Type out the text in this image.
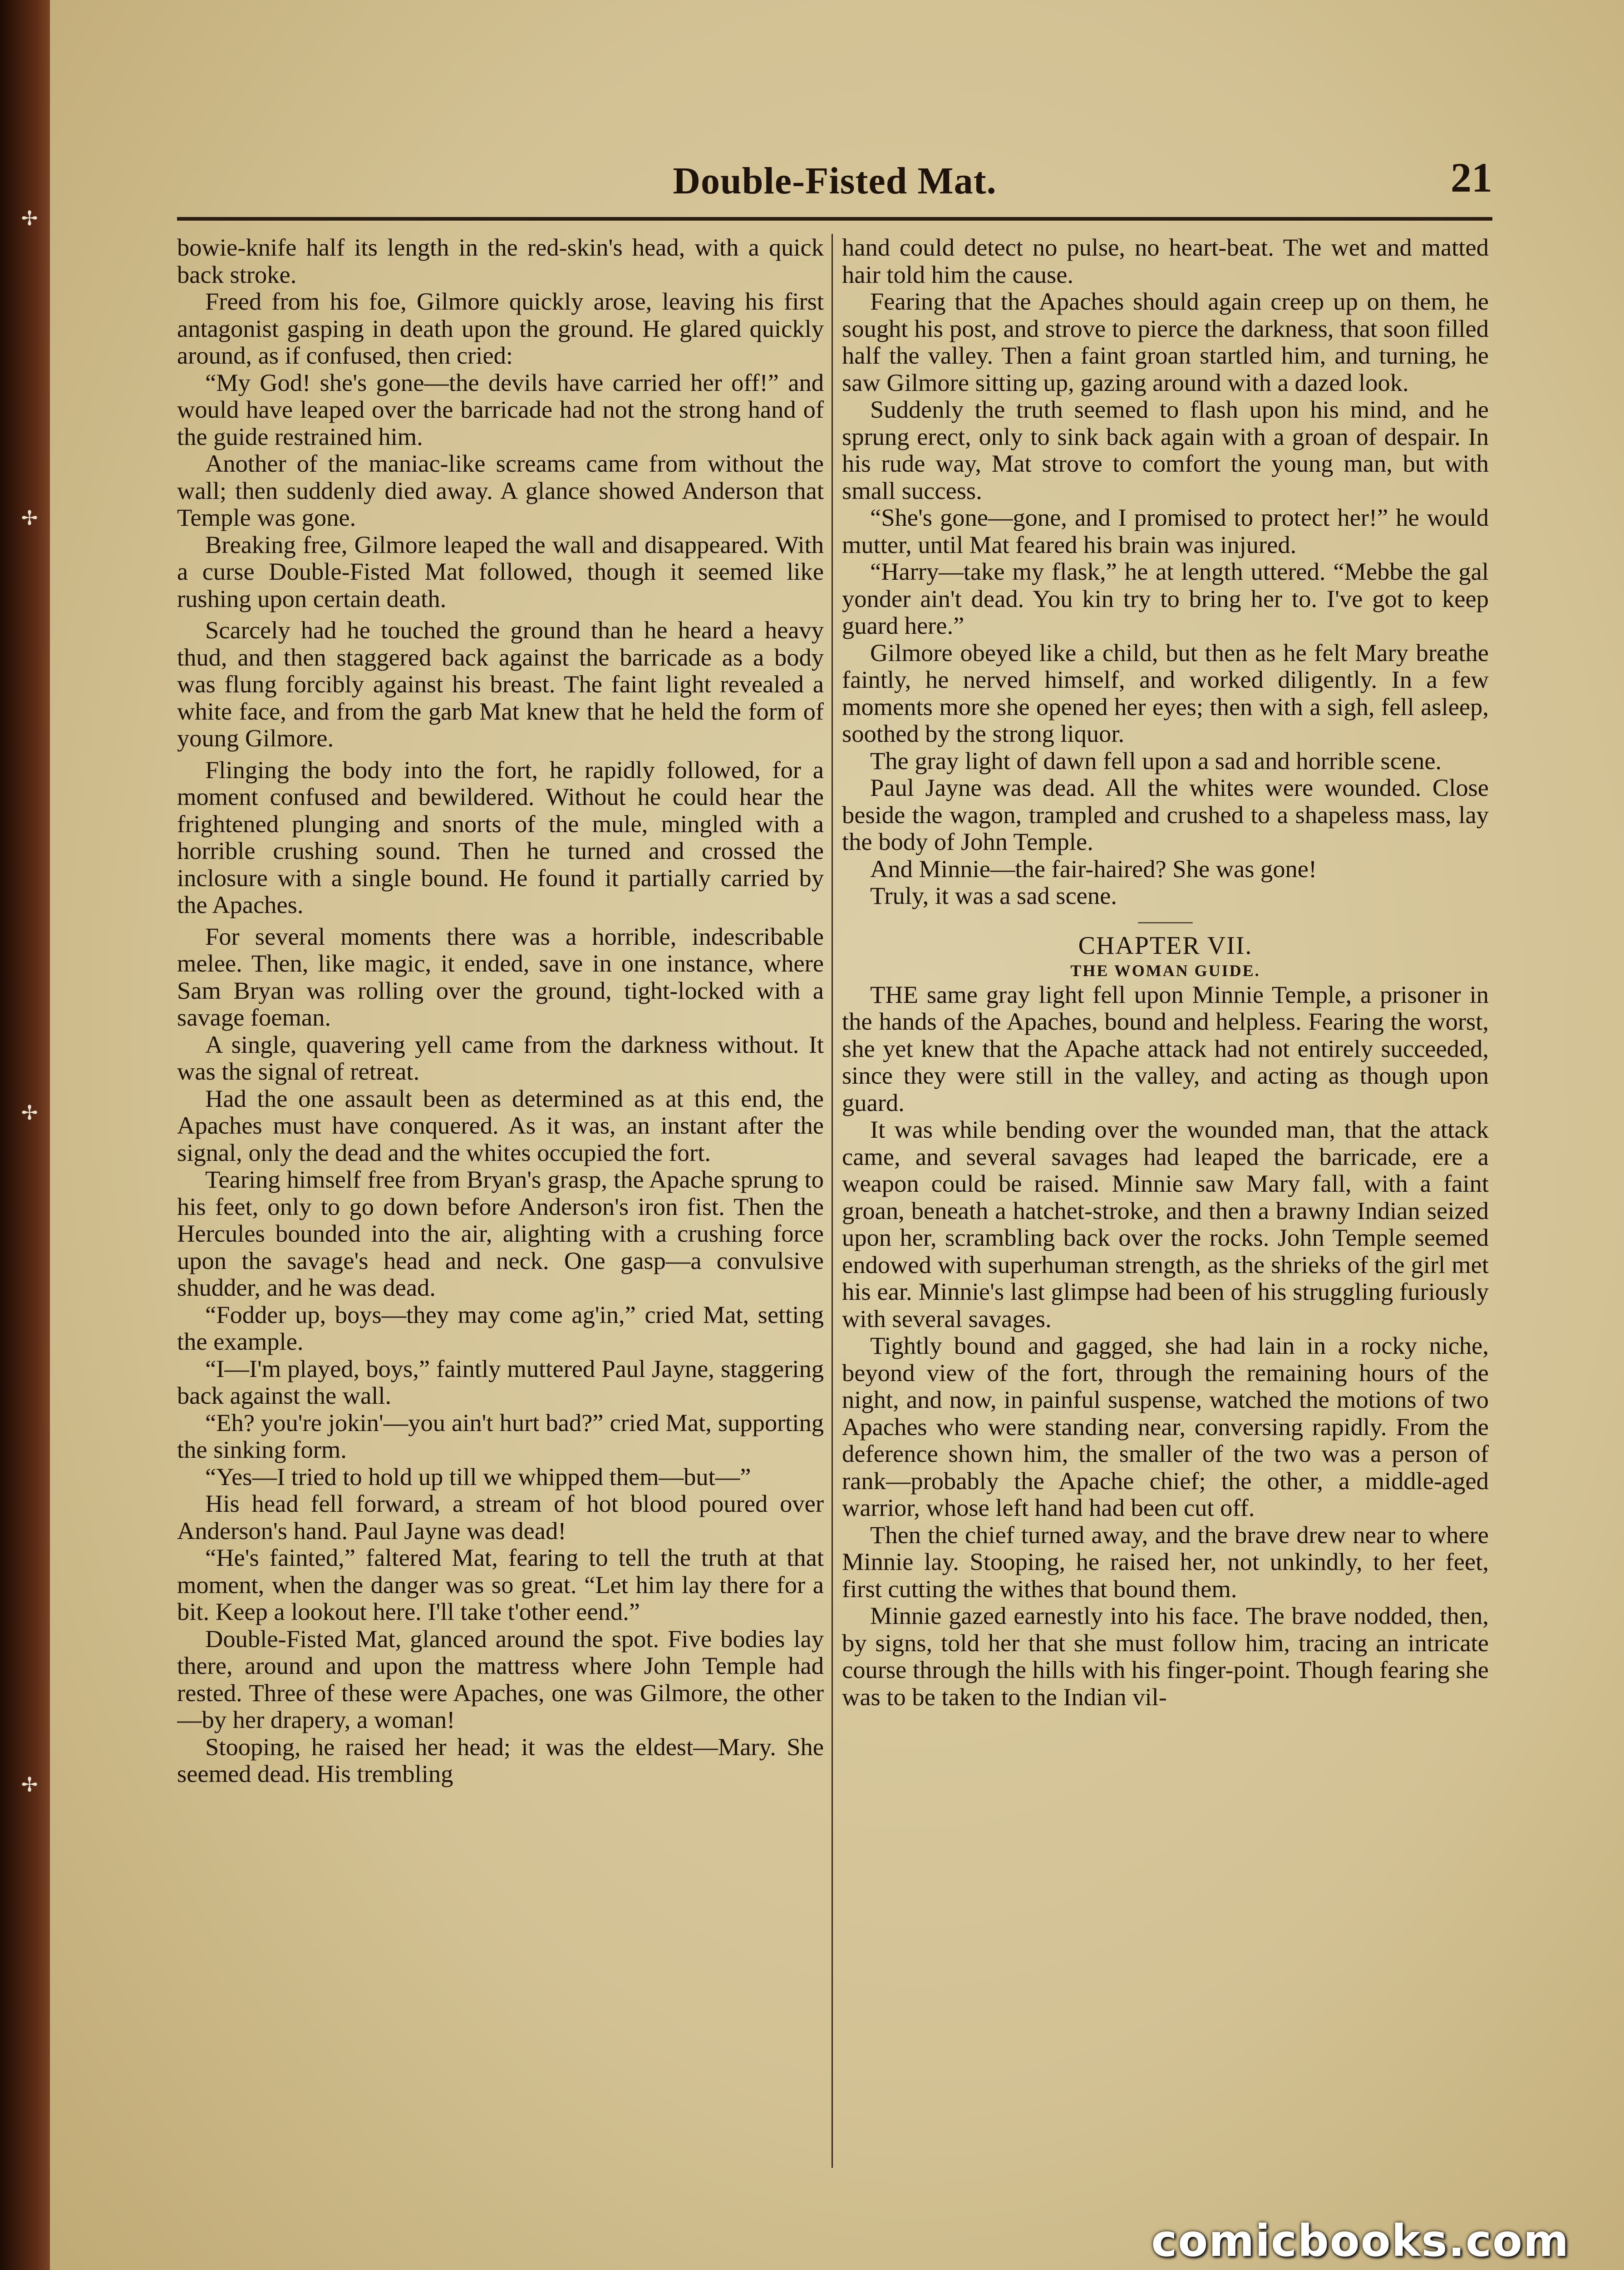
✢
✢
✢
✢
Double-Fisted Mat.	21

bowie-knife half its length in the red-skin's head, with a quick back stroke.

Freed from his foe, Gilmore quickly arose, leaving his first antagonist gasping in death upon the ground. He glared quickly around, as if confused, then cried:

“My God! she's gone—the devils have carried her off!” and would have leaped over the barricade had not the strong hand of the guide restrained him.

Another of the maniac-like screams came from without the wall; then suddenly died away. A glance showed Anderson that Temple was gone.

Breaking free, Gilmore leaped the wall and disappeared. With a curse Double-Fisted Mat followed, though it seemed like rushing upon certain death.

Scarcely had he touched the ground than he heard a heavy thud, and then staggered back against the barricade as a body was flung forcibly against his breast. The faint light revealed a white face, and from the garb Mat knew that he held the form of young Gilmore.

Flinging the body into the fort, he rapidly followed, for a moment confused and bewildered. Without he could hear the frightened plunging and snorts of the mule, mingled with a horrible crushing sound. Then he turned and crossed the inclosure with a single bound. He found it partially carried by the Apaches.

For several moments there was a horrible, indescribable melee. Then, like magic, it ended, save in one instance, where Sam Bryan was rolling over the ground, tight-locked with a savage foeman.

A single, quavering yell came from the darkness without. It was the signal of retreat.

Had the one assault been as determined as at this end, the Apaches must have conquered. As it was, an instant after the signal, only the dead and the whites occupied the fort.

Tearing himself free from Bryan's grasp, the Apache sprung to his feet, only to go down before Anderson's iron fist. Then the Hercules bounded into the air, alighting with a crushing force upon the savage's head and neck. One gasp—a convulsive shudder, and he was dead.

“Fodder up, boys—they may come ag'in,” cried Mat, setting the example.

“I—I'm played, boys,” faintly muttered Paul Jayne, staggering back against the wall.

“Eh? you're jokin'—you ain't hurt bad?” cried Mat, supporting the sinking form.

“Yes—I tried to hold up till we whipped them—but—”

His head fell forward, a stream of hot blood poured over Anderson's hand. Paul Jayne was dead!

“He's fainted,” faltered Mat, fearing to tell the truth at that moment, when the danger was so great. “Let him lay there for a bit. Keep a lookout here. I'll take t'other eend.”

Double-Fisted Mat, glanced around the spot. Five bodies lay there, around and upon the mattress where John Temple had rested. Three of these were Apaches, one was Gilmore, the other—by her drapery, a woman!

Stooping, he raised her head; it was the eldest—Mary. She seemed dead. His trembling

hand could detect no pulse, no heart-beat. The wet and matted hair told him the cause.

Fearing that the Apaches should again creep up on them, he sought his post, and strove to pierce the darkness, that soon filled half the valley. Then a faint groan startled him, and turning, he saw Gilmore sitting up, gazing around with a dazed look.

Suddenly the truth seemed to flash upon his mind, and he sprung erect, only to sink back again with a groan of despair. In his rude way, Mat strove to comfort the young man, but with small success.

“She's gone—gone, and I promised to protect her!” he would mutter, until Mat feared his brain was injured.

“Harry—take my flask,” he at length uttered. “Mebbe the gal yonder ain't dead. You kin try to bring her to. I've got to keep guard here.”

Gilmore obeyed like a child, but then as he felt Mary breathe faintly, he nerved himself, and worked diligently. In a few moments more she opened her eyes; then with a sigh, fell asleep, soothed by the strong liquor.

The gray light of dawn fell upon a sad and horrible scene.

Paul Jayne was dead. All the whites were wounded. Close beside the wagon, trampled and crushed to a shapeless mass, lay the body of John Temple.

And Minnie—the fair-haired? She was gone!

Truly, it was a sad scene.

———
CHAPTER VII.
THE WOMAN GUIDE.

THE same gray light fell upon Minnie Temple, a prisoner in the hands of the Apaches, bound and helpless. Fearing the worst, she yet knew that the Apache attack had not entirely succeeded, since they were still in the valley, and acting as though upon guard.

It was while bending over the wounded man, that the attack came, and several savages had leaped the barricade, ere a weapon could be raised. Minnie saw Mary fall, with a faint groan, beneath a hatchet-stroke, and then a brawny Indian seized upon her, scrambling back over the rocks. John Temple seemed endowed with superhuman strength, as the shrieks of the girl met his ear. Minnie's last glimpse had been of his struggling furiously with several savages.

Tightly bound and gagged, she had lain in a rocky niche, beyond view of the fort, through the remaining hours of the night, and now, in painful suspense, watched the motions of two Apaches who were standing near, conversing rapidly. From the deference shown him, the smaller of the two was a person of rank—probably the Apache chief; the other, a middle-aged warrior, whose left hand had been cut off.

Then the chief turned away, and the brave drew near to where Minnie lay. Stooping, he raised her, not unkindly, to her feet, first cutting the withes that bound them.

Minnie gazed earnestly into his face. The brave nodded, then, by signs, told her that she must follow him, tracing an intricate course through the hills with his finger-point. Though fearing she was to be taken to the Indian vil-

comicbooks.com
